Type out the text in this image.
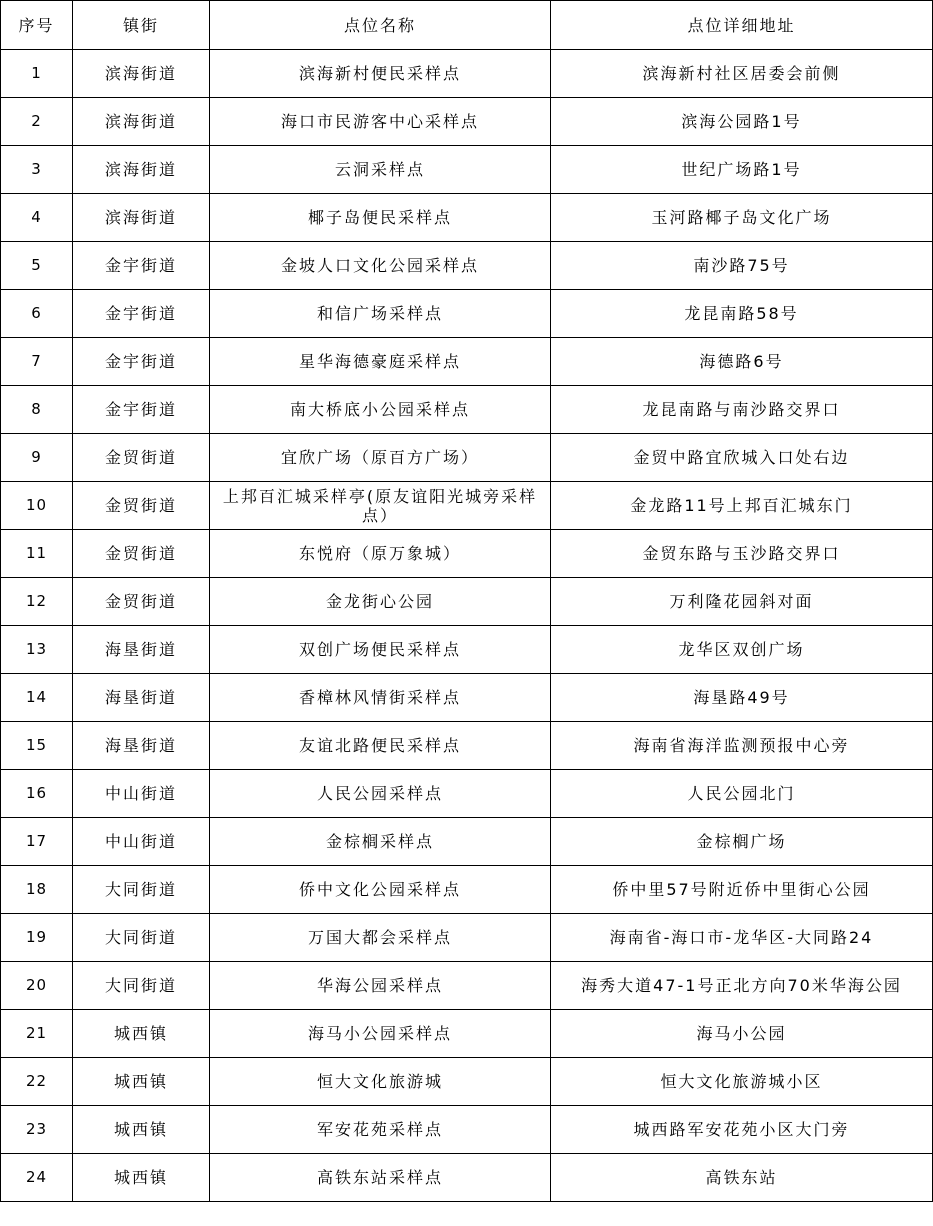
序号	镇街	点位名称	点位详细地址
1	滨海街道	滨海新村便民采样点	滨海新村社区居委会前侧
2	滨海街道	海口市民游客中心采样点	滨海公园路1号
3	滨海街道	云洞采样点	世纪广场路1号
4	滨海街道	椰子岛便民采样点	玉河路椰子岛文化广场
5	金宇街道	金坡人口文化公园采样点	南沙路75号
6	金宇街道	和信广场采样点	龙昆南路58号
7	金宇街道	星华海德豪庭采样点	海德路6号
8	金宇街道	南大桥底小公园采样点	龙昆南路与南沙路交界口
9	金贸街道	宜欣广场（原百方广场）	金贸中路宜欣城入口处右边
10	金贸街道	上邦百汇城采样亭(原友谊阳光城旁采样点）	金龙路11号上邦百汇城东门
11	金贸街道	东悦府（原万象城）	金贸东路与玉沙路交界口
12	金贸街道	金龙街心公园	万利隆花园斜对面
13	海垦街道	双创广场便民采样点	龙华区双创广场
14	海垦街道	香樟林风情街采样点	海垦路49号
15	海垦街道	友谊北路便民采样点	海南省海洋监测预报中心旁
16	中山街道	人民公园采样点	人民公园北门
17	中山街道	金棕榈采样点	金棕榈广场
18	大同街道	侨中文化公园采样点	侨中里57号附近侨中里街心公园
19	大同街道	万国大都会采样点	海南省-海口市-龙华区-大同路24
20	大同街道	华海公园采样点	海秀大道47-1号正北方向70米华海公园
21	城西镇	海马小公园采样点	海马小公园
22	城西镇	恒大文化旅游城	恒大文化旅游城小区
23	城西镇	军安花苑采样点	城西路军安花苑小区大门旁
24	城西镇	高铁东站采样点	高铁东站
